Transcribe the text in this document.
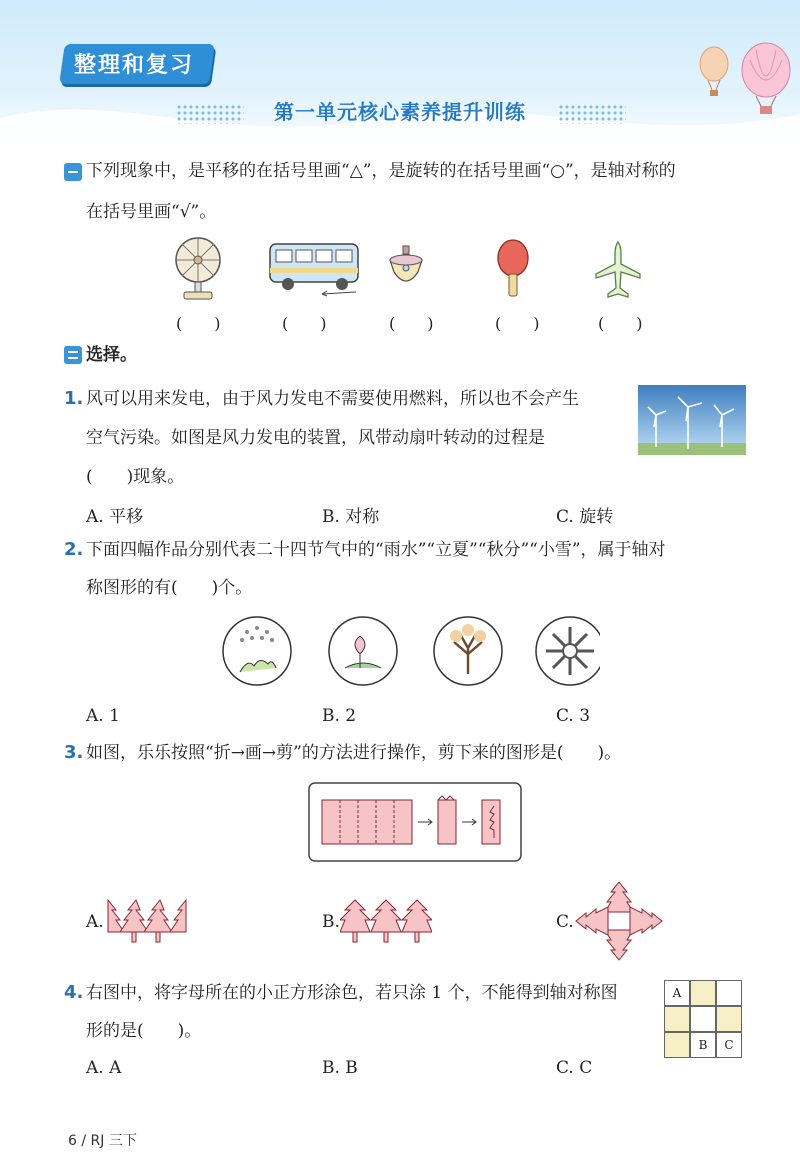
整理和复习
第一单元核心素养提升训练
下列现象中，是平移的在括号里画“△”，是旋转的在括号里画“○”，是轴对称的
在括号里画“√”。
(　　)	(　　)	(　　)	(　　)	(　　)
选择。
1. 风可以用来发电，由于风力发电不需要使用燃料，所以也不会产生
空气污染。如图是风力发电的装置，风带动扇叶转动的过程是
(　　)现象。
A. 平移	B. 对称	C. 旋转
2. 下面四幅作品分别代表二十四节气中的“雨水”“立夏”“秋分”“小雪”，属于轴对
称图形的有(　　)个。
A. 1	B. 2	C. 3
3. 如图，乐乐按照“折→画→剪”的方法进行操作，剪下来的图形是(　　)。
A.	B.	C.
4. 右图中，将字母所在的小正方形涂色，若只涂 1 个，不能得到轴对称图
形的是(　　)。
A
B	C
A. A	B. B	C. C
6 / RJ 三下
